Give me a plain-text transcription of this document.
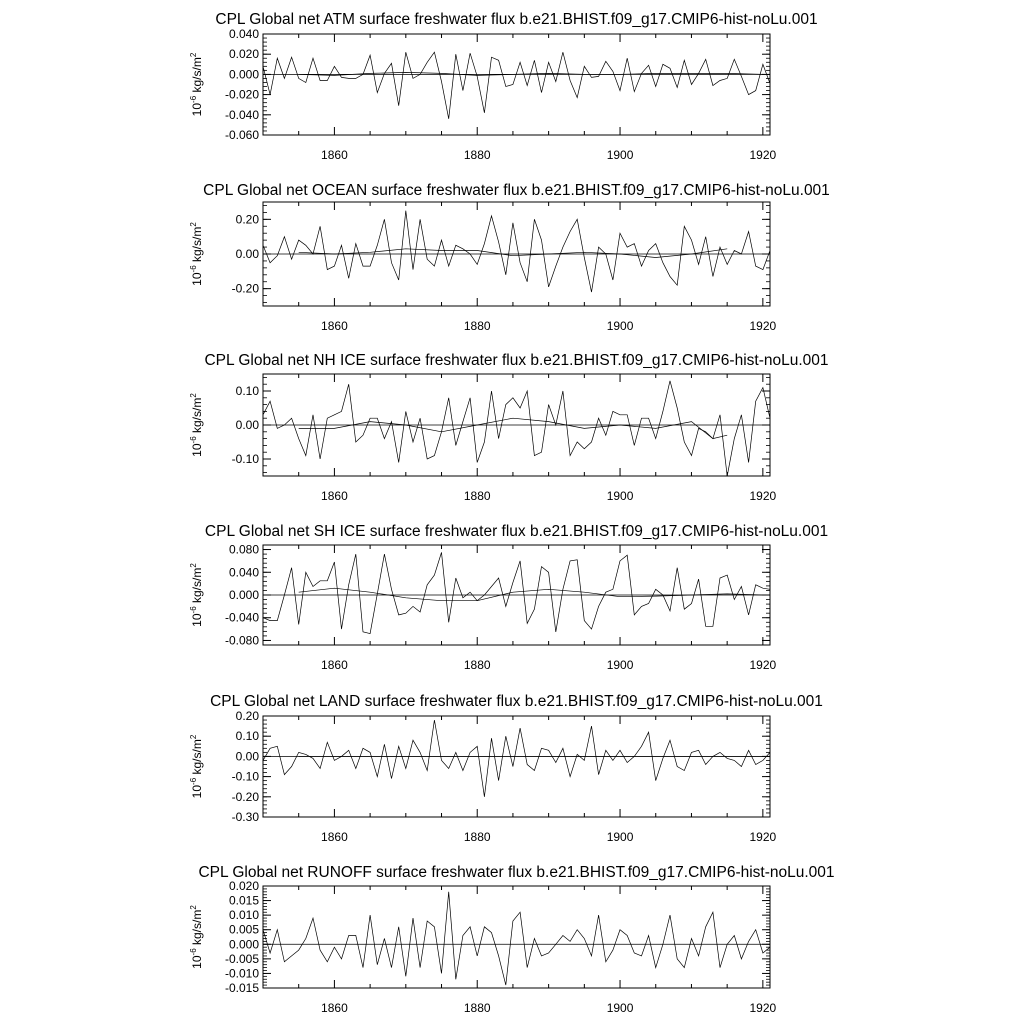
CPL Global net ATM surface freshwater flux b.e21.BHIST.f09_g17.CMIP6-hist-noLu.001
1860	1880	1900	1920
0.040
0.020
0.000
-0.020
-0.040
-0.060
$10^{-6}$ $kg/s/m^2$
CPL Global net OCEAN surface freshwater flux b.e21.BHIST.f09_g17.CMIP6-hist-noLu.001
1860	1880	1900	1920
0.20
0.00
-0.20
$10^{-6}$ $kg/s/m^2$
CPL Global net NH ICE surface freshwater flux b.e21.BHIST.f09_g17.CMIP6-hist-noLu.001
1860	1880	1900	1920
0.10
0.00
-0.10
$10^{-6}$ $kg/s/m^2$
CPL Global net SH ICE surface freshwater flux b.e21.BHIST.f09_g17.CMIP6-hist-noLu.001
1860	1880	1900	1920
0.080
0.040
0.000
-0.040
-0.080
$10^{-6}$ $kg/s/m^2$
CPL Global net LAND surface freshwater flux b.e21.BHIST.f09_g17.CMIP6-hist-noLu.001
1860	1880	1900	1920
0.20
0.10
0.00
-0.10
-0.20
-0.30
$10^{-6}$ $kg/s/m^2$
CPL Global net RUNOFF surface freshwater flux b.e21.BHIST.f09_g17.CMIP6-hist-noLu.001
1860	1880	1900	1920
0.020
0.015
0.010
0.005
0.000
-0.005
-0.010
-0.015
$10^{-6}$ $kg/s/m^2$
